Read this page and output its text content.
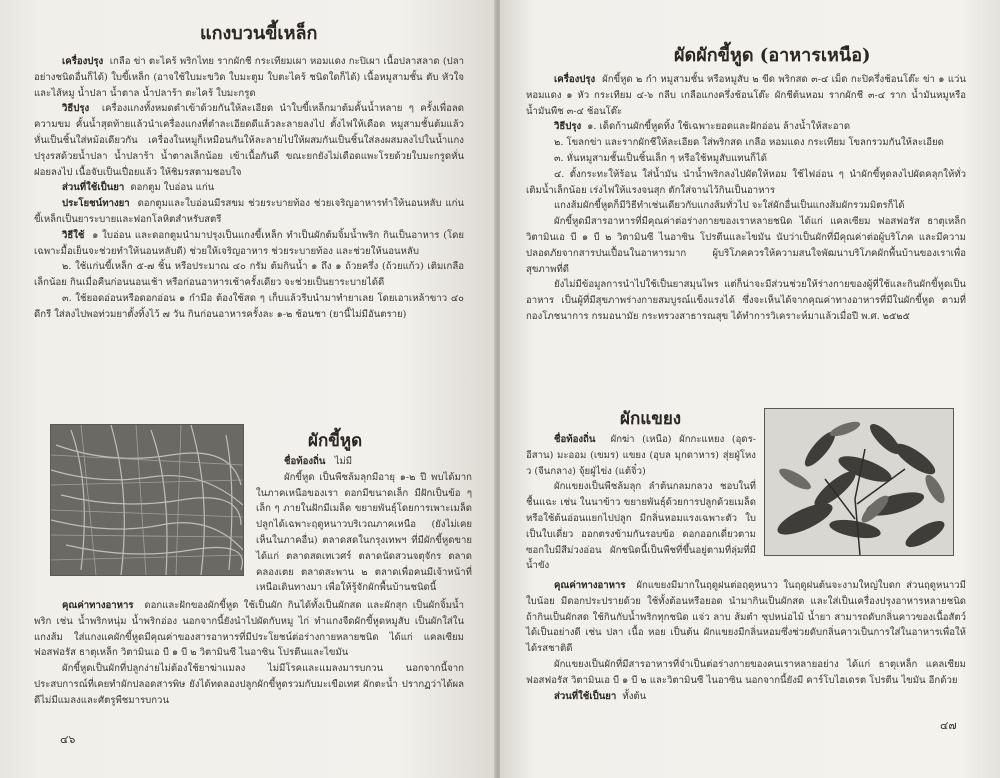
แกงบวนขี้เหล็ก

เครื่องปรุง เกลือ ข่า ตะไคร้ พริกไทย รากผักชี กระเทียมเผา หอมแดง กะปิเผา เนื้อปลาสลาด (ปลาอย่างชนิดอื่นก็ได้) ใบขี้เหล็ก (อาจใช้ใบมะขวิด ใบมะตูม ใบตะไคร้ ชนิดใดก็ได้) เนื้อหมูสามชั้น ตับ หัวใจ และไส้หมู น้ำปลา น้ำตาล น้ำปลาร้า ตะไคร้ ใบมะกรูด

วิธีปรุง เครื่องแกงทั้งหมดตำเข้าด้วยกันให้ละเอียด นำใบขี้เหล็กมาต้มคั้นน้ำหลาย ๆ ครั้งเพื่อลดความขม คั้นน้ำสุดท้ายแล้วนำเครื่องแกงที่ตำละเอียดดีแล้วละลายลงไป ตั้งไฟให้เดือด หมูสามชั้นต้มแล้วหั่นเป็นชิ้นใส่หม้อเดียวกัน เครื่องในหมูก็เหมือนกันให้ละลายไปให้ผสมกันเป็นชิ้นใส่ลงผสมลงไปในน้ำแกง ปรุงรสด้วยน้ำปลา น้ำปลาร้า น้ำตาลเล็กน้อย เข้าเนื้อกันดี ขณะยกยังไม่เดือดแพะโรยด้วยใบมะกรูดหั่นฝอยลงไป เนื้อจับเป็นเปื่อยแล้ว ให้ชิมรสตามชอบใจ

ส่วนที่ใช้เป็นยา ดอกตูม ใบอ่อน แก่น

ประโยชน์ทางยา ดอกตูมและใบอ่อนมีรสขม ช่วยระบายท้อง ช่วยเจริญอาหารทำให้นอนหลับ แก่นขี้เหล็กเป็นยาระบายและฟอกโลหิตสำหรับสตรี

วิธีใช้ ๑ ใบอ่อน และดอกตูมนำมาปรุงเป็นแกงขี้เหล็ก ทำเป็นผักต้มจิ้มน้ำพริก กินเป็นอาหาร (โดยเฉพาะมื้อเย็นจะช่วยทำให้นอนหลับดี) ช่วยให้เจริญอาหาร ช่วยระบายท้อง และช่วยให้นอนหลับ

๒. ใช้แก่นขี้เหล็ก ๕-๗ ชิ้น หรือประมาณ ๔๐ กรัม ต้มกินน้ำ ๑ ถึง ๑ ถ้วยครึ่ง (ถ้วยแก้ว) เติมเกลือเล็กน้อย กินเมื่อคืนก่อนนอนเช้า หรือก่อนอาหารเช้าครั้งเดียว จะช่วยเป็นยาระบายได้ดี

๓. ใช้ยอดอ่อนหรือดอกอ่อน ๑ กำมือ ต้องใช้สด ๆ เก็บแล้วรีบนำมาทำยาเลย โดยเอาเหล้าขาว ๔๐ ดีกรี ใส่ลงไปพอท่วมยาตั้งทิ้งไว้ ๗ วัน กินก่อนอาหารครั้งละ ๑-๒ ช้อนชา (ยานี้ไม่มีอันตราย)

ผักขี้หูด

ชื่อท้องถิ่น ไม่มี

ผักขี้หูด เป็นพืชล้มลุกมีอายุ ๑-๒ ปี พบได้มากในภาคเหนือของเรา ดอกมีขนาดเล็ก มีฝักเป็นข้อ ๆ เล็ก ๆ ภายในฝักมีเมล็ด ขยายพันธุ์โดยการเพาะเมล็ด ปลูกได้เฉพาะฤดูหนาวบริเวณภาคเหนือ (ยังไม่เคยเห็นในภาคอื่น) ตลาดสดในกรุงเทพฯ ที่มีผักขี้หูดขาย ได้แก่ ตลาดสดเทเวศร์ ตลาดนัดสวนจตุจักร ตลาดคลองเตย ตลาดสะพาน ๒ ตลาดเพื่อคนมีเจ้าหน้าที่เหนือเดินทางมา เพื่อให้รู้จักผักพื้นบ้านชนิดนี้

คุณค่าทางอาหาร ดอกและฝักของผักขี้หูด ใช้เป็นผัก กินได้ทั้งเป็นผักสด และผักสุก เป็นผักจิ้มน้ำพริก เช่น น้ำพริกหนุ่ม น้ำพริกอ่อง นอกจากนี้ยังนำไปผัดกับหมู ไก่ ทำแกงจืดผักขี้หูดหมูสับ เป็นผักใส่ในแกงส้ม ใส่แกงแคผักขี้หูดมีคุณค่าของสารอาหารที่มีประโยชน์ต่อร่างกายหลายชนิด ได้แก่ แคลเซียม ฟอสฟอรัส ธาตุเหล็ก วิตามินเอ บี ๑ บี ๒ วิตามินซี ไนอาซิน โปรตีนและไขมัน

ผักขี้หูดเป็นผักที่ปลูกง่ายไม่ต้องใช้ยาฆ่าแมลง ไม่มีโรคและแมลงมารบกวน นอกจากนี้จากประสบการณ์ที่เคยทำผักปลอดสารพิษ ยังได้ทดลองปลูกผักขี้หูดรวมกับมะเขือเทศ ผักตะน้ำ ปรากฏว่าได้ผลดีไม่มีแมลงและศัตรูพืชมารบกวน

๔๖
ผัดผักขี้หูด (อาหารเหนือ)

เครื่องปรุง ผักขี้หูด ๒ กำ หมูสามชั้น หรือหมูสับ ๒ ขีด พริกสด ๓-๔ เม็ด กะปิครึ่งช้อนโต๊ะ ข่า ๑ แว่น หอมแดง ๑ หัว กระเทียม ๔-๖ กลีบ เกลือแกงครึ่งช้อนโต๊ะ ผักชีต้นหอม รากผักชี ๓-๔ ราก น้ำมันหมูหรือน้ำมันพืช ๓-๔ ช้อนโต๊ะ

วิธีปรุง ๑. เด็ดก้านผักขี้หูดทิ้ง ใช้เฉพาะยอดและฝักอ่อน ล้างน้ำให้สะอาด

๒. โขลกข่า และรากผักชีให้ละเอียด ใส่พริกสด เกลือ หอมแดง กระเทียม โขลกรวมกันให้ละเอียด

๓. หั่นหมูสามชั้นเป็นชิ้นเล็ก ๆ หรือใช้หมูสับแทนก็ได้

๔. ตั้งกระทะให้ร้อน ใส่น้ำมัน นำน้ำพริกลงไปผัดให้หอม ใช้ไฟอ่อน ๆ นำผักขี้หูดลงไปผัดคลุกให้ทั่ว เติมน้ำเล็กน้อย เร่งไฟให้แรงจนสุก ตักใส่จานไว้กินเป็นอาหาร

แกงส้มผักขี้หูดก็มีวิธีทำเช่นเดียวกับแกงส้มทั่วไป จะใส่ผักอื่นเป็นแกงส้มผักรวมมิตรก็ได้

ผักขี้หูดมีสารอาหารที่มีคุณค่าต่อร่างกายของเราหลายชนิด ได้แก่ แคลเซียม ฟอสฟอรัส ธาตุเหล็ก วิตามินเอ บี ๑ บี ๒ วิตามินซี ไนอาซิน โปรตีนและไขมัน นับว่าเป็นผักที่มีคุณค่าต่อผู้บริโภค และมีความปลอดภัยจากสารปนเปื้อนในอาหารมาก ผู้บริโภคควรให้ความสนใจพัฒนาบริโภคผักพื้นบ้านของเราเพื่อสุขภาพที่ดี

ยังไม่มีข้อมูลการนำไปใช้เป็นยาสมุนไพร แต่ก็น่าจะมีส่วนช่วยให้ร่างกายของผู้ที่ใช้และกินผักขี้หูดเป็นอาหาร เป็นผู้ที่มีสุขภาพร่างกายสมบูรณ์แข็งแรงได้ ซึ่งจะเห็นได้จากคุณค่าทางอาหารที่มีในผักขี้หูด ตามที่กองโภชนาการ กรมอนามัย กระทรวงสาธารณสุข ได้ทำการวิเคราะห์มาแล้วเมื่อปี พ.ศ. ๒๕๒๕

ผักแขยง

ชื่อท้องถิ่น ผักฆ่า (เหนือ) ผักกะแหยง (อุดร-อีสาน) มะออม (เขมร) แขยง (อุบล มุกดาหาร) สุ่ยฝู่โหงว (จีนกลาง) จุ้ยฝู่ไข่ง (แต้จิ๋ว)

ผักแขยงเป็นพืชล้มลุก ลำต้นกลมกลวง ชอบในที่ชื้นแฉะ เช่น ในนาข้าว ขยายพันธุ์ด้วยการปลูกด้วยเมล็ด หรือใช้ต้นอ่อนแยกไปปลูก มีกลิ่นหอมแรงเฉพาะตัว ใบเป็นใบเดี่ยว ออกตรงข้ามกันรอบข้อ ดอกออกเดี่ยวตามซอกใบมีสีม่วงอ่อน ผักชนิดนี้เป็นพืชที่ขึ้นอยู่ตามที่ลุ่มที่มีน้ำขัง

คุณค่าทางอาหาร ผักแขยงมีมากในฤดูฝนต่อฤดูหนาว ในฤดูฝนต้นจะงามใหญ่ใบดก ส่วนฤดูหนาวมีใบน้อย มีดอกประปรายด้วย ใช้ทั้งต้อนหรือยอด นำมากินเป็นผักสด และใส่เป็นเครื่องปรุงอาหารหลายชนิด ถ้ากินเป็นผักสด ใช้กินกับน้ำพริกทุกชนิด แจ่ว ลาบ ส้มตำ ซุปหน่อไม้ น้ำยา สามารถดับกลิ่นคาวของเนื้อสัตว์ได้เป็นอย่างดี เช่น ปลา เนื้อ หอย เป็นต้น ผักแขยงมีกลิ่นหอมซึ่งช่วยดับกลิ่นคาวเป็นการใส่ในอาหารเพื่อให้ได้รสชาติดี

ผักแขยงเป็นผักที่มีสารอาหารที่จำเป็นต่อร่างกายของคนเราหลายอย่าง ได้แก่ ธาตุเหล็ก แคลเซียม ฟอสฟอรัส วิตามินเอ บี ๑ บี ๒ และวิตามินซี ไนอาซิน นอกจากนี้ยังมี คาร์โบไฮเดรต โปรตีน ไขมัน อีกด้วย

ส่วนที่ใช้เป็นยา ทั้งต้น

๔๗
